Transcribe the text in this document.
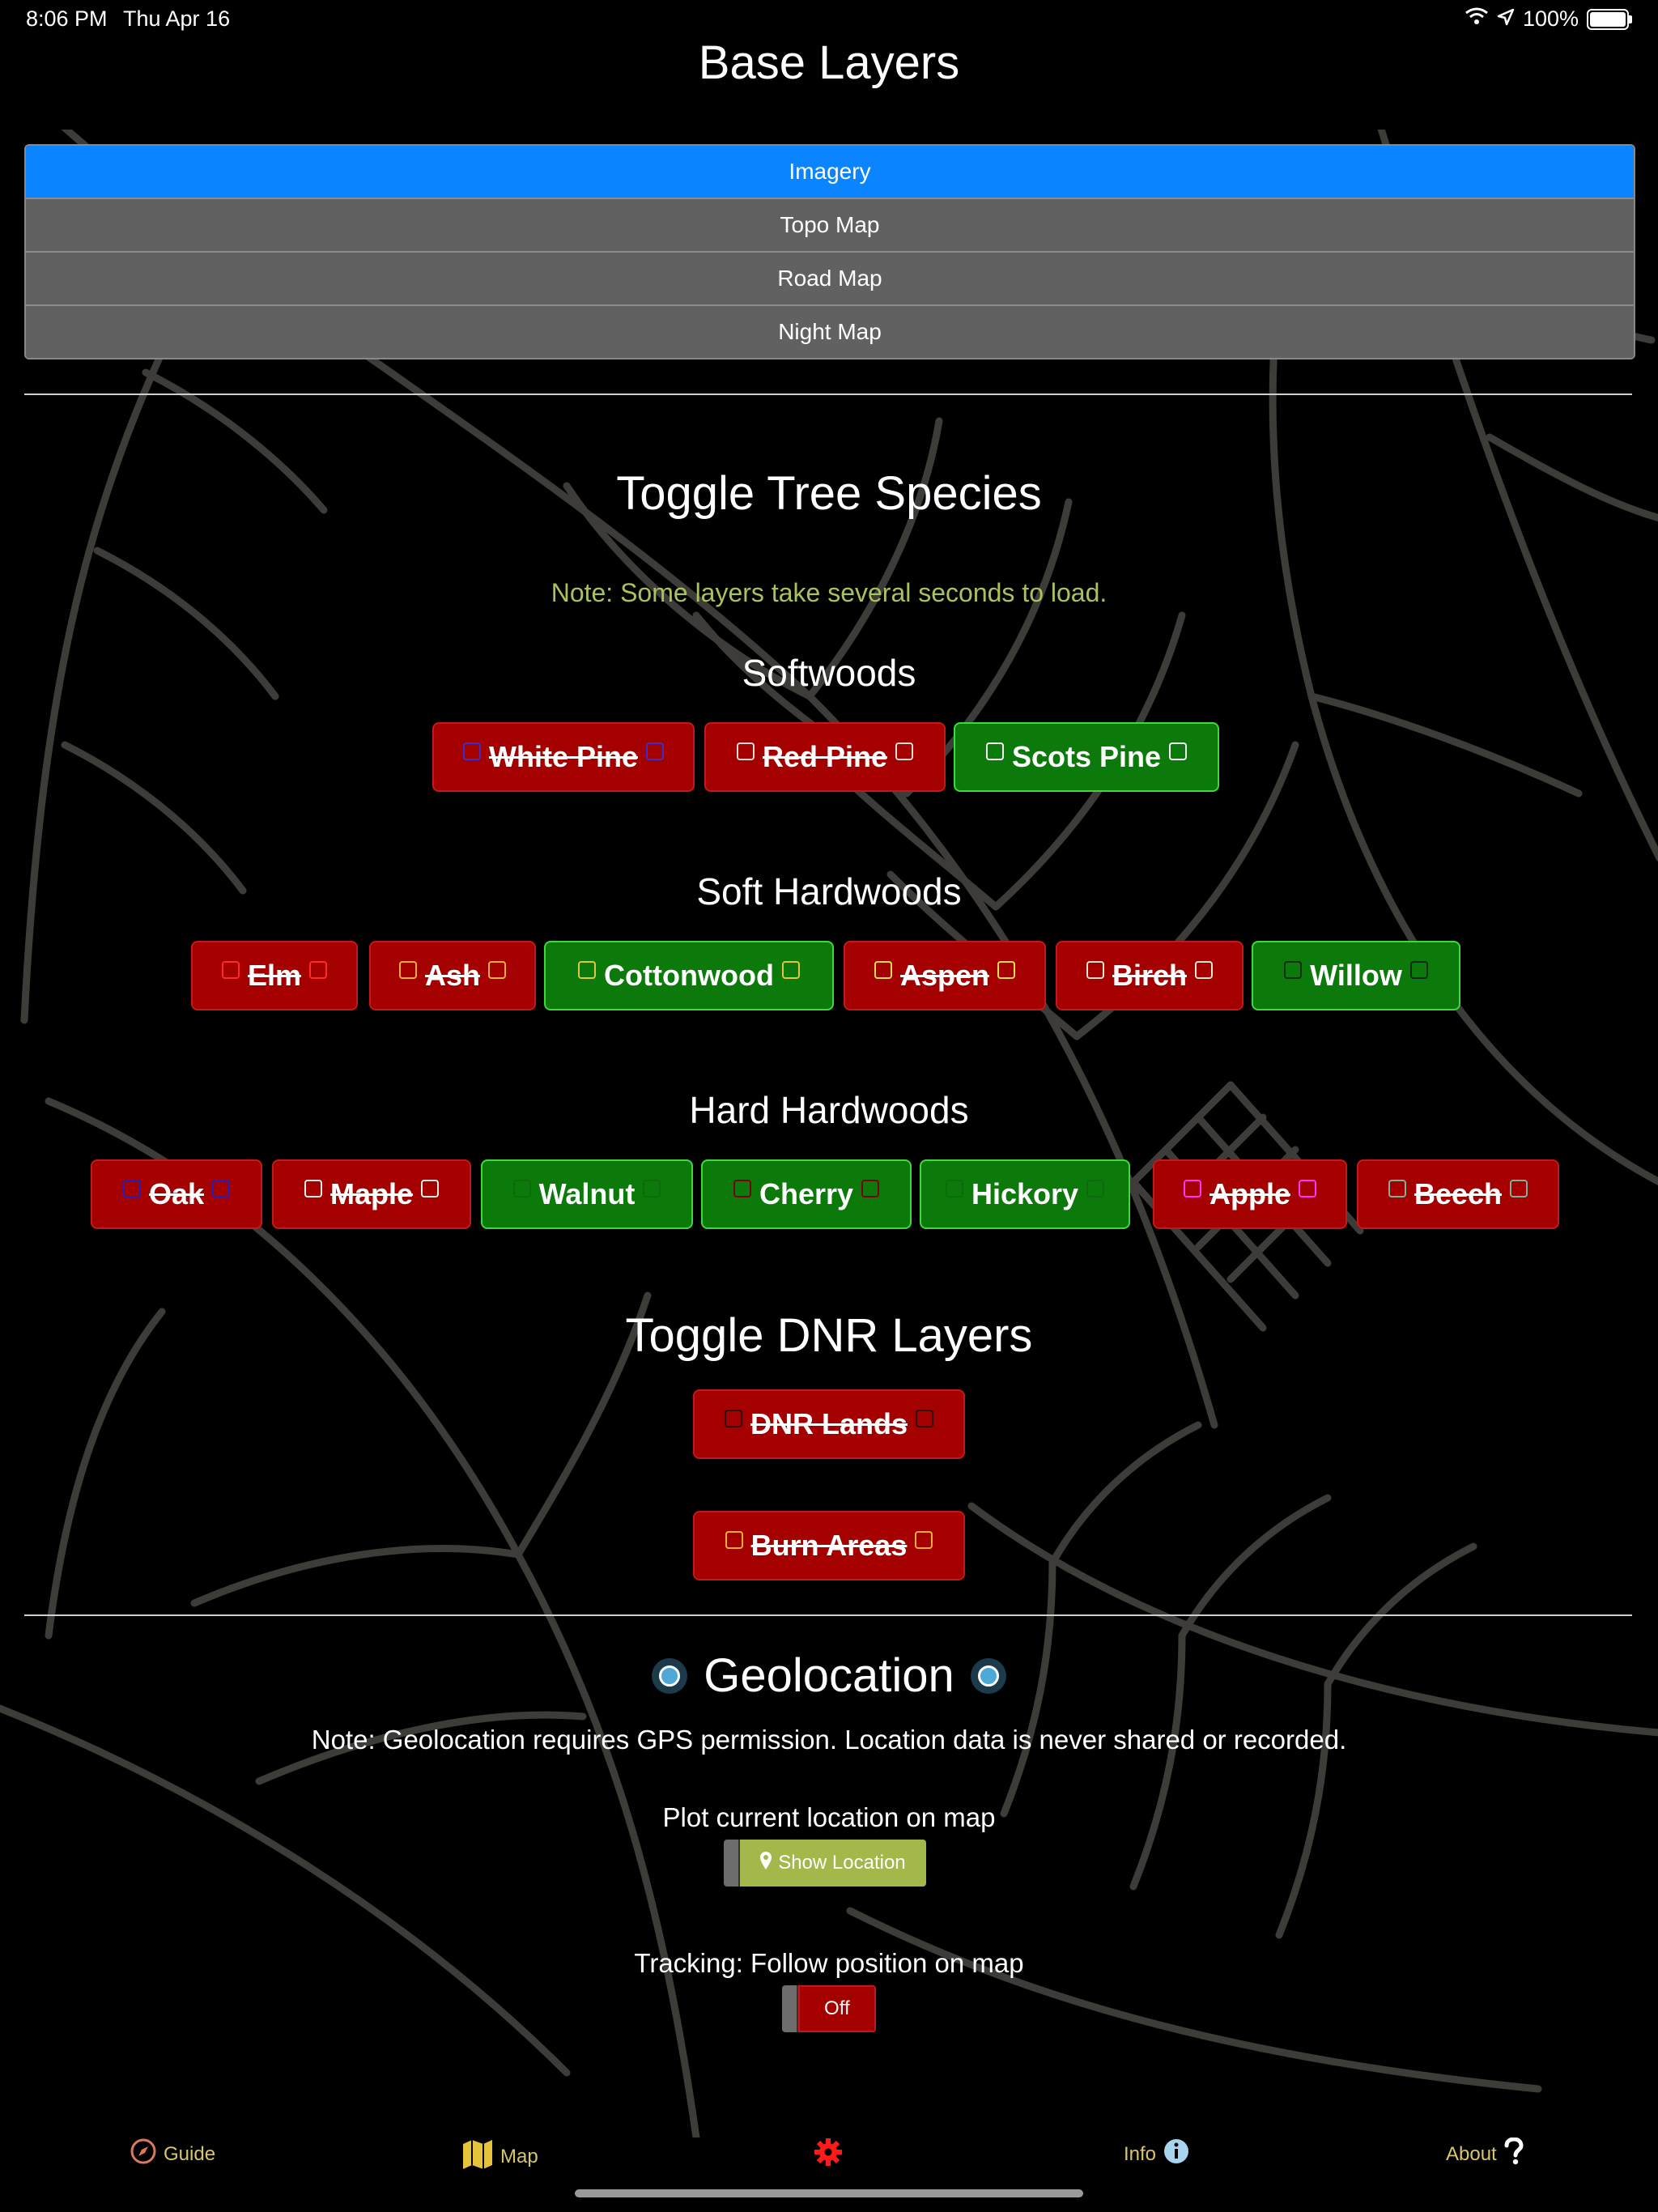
8:06 PM Thu Apr 16	100%
Base Layers
Imagery
Topo Map
Road Map
Night Map
Toggle Tree Species
Note: Some layers take several seconds to load.
Softwoods
White Pine	Red Pine	Scots Pine
Soft Hardwoods
Elm	Ash	Cottonwood	Aspen	Birch	Willow
Hard Hardwoods
Oak	Maple	Walnut	Cherry	Hickory	Apple	Beech
Toggle DNR Layers
DNR Lands
Burn Areas
Geolocation
Note: Geolocation requires GPS permission. Location data is never shared or recorded.
Plot current location on map
Show Location
Tracking: Follow position on map
Off
Guide	Map	Info	About
